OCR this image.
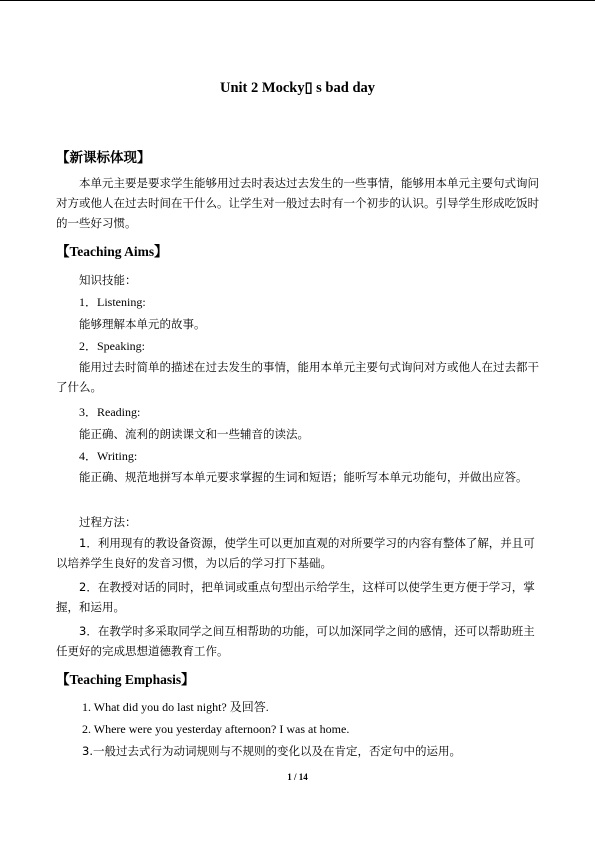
Unit 2 Mocky▯ s bad day
【新课标体现】
本单元主要是要求学生能够用过去时表达过去发生的一些事情，能够用本单元主要句式询问对方或他人在过去时间在干什么。让学生对一般过去时有一个初步的认识。引导学生形成吃饭时的一些好习惯。
【Teaching Aims】
知识技能：
1．Listening:
能够理解本单元的故事。
2．Speaking:
能用过去时简单的描述在过去发生的事情，能用本单元主要句式询问对方或他人在过去都干了什么。
3．Reading:
能正确、流利的朗读课文和一些辅音的读法。
4．Writing:
能正确、规范地拼写本单元要求掌握的生词和短语；能听写本单元功能句，并做出应答。
过程方法：
1．利用现有的教设备资源，使学生可以更加直观的对所要学习的内容有整体了解，并且可以培养学生良好的发音习惯，为以后的学习打下基础。
2．在教授对话的同时，把单词或重点句型出示给学生，这样可以使学生更方便于学习，掌握，和运用。
3．在教学时多采取同学之间互相帮助的功能，可以加深同学之间的感情，还可以帮助班主任更好的完成思想道德教育工作。
【Teaching Emphasis】
1. What did you do last night? 及回答.
2. Where were you yesterday afternoon? I was at home.
3.一般过去式行为动词规则与不规则的变化以及在肯定，否定句中的运用。
1 / 14
